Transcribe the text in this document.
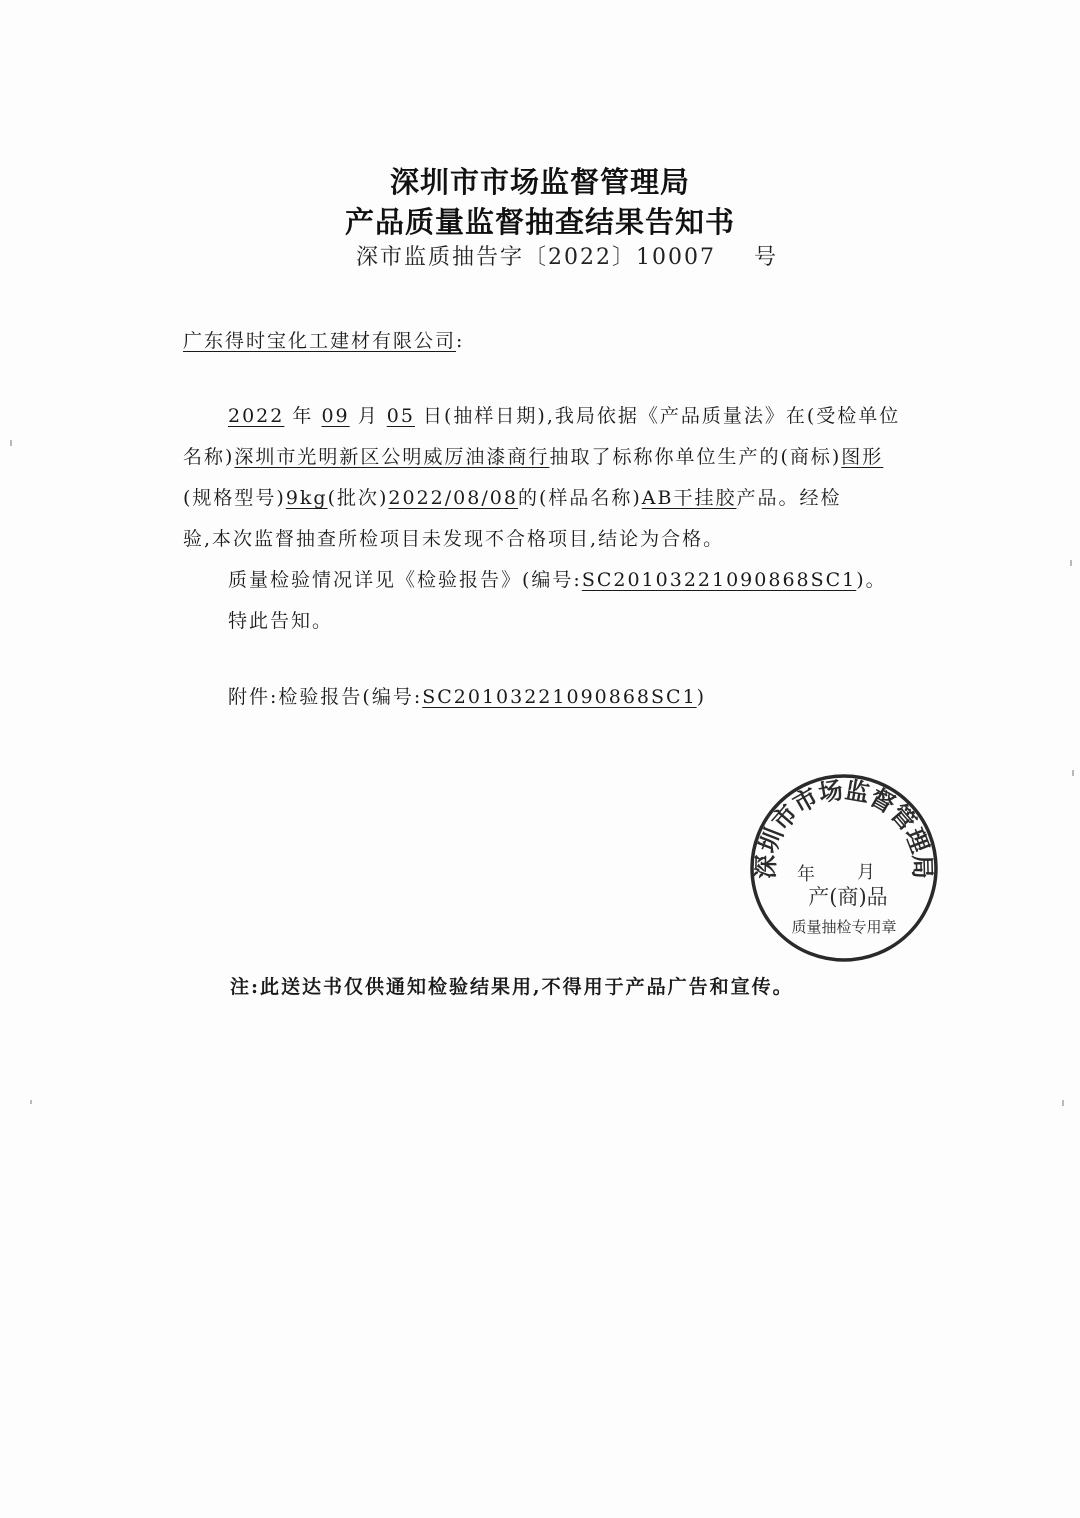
深圳市市场监督管理局
产品质量监督抽查结果告知书
深市监质抽告字〔2022〕10007 号
广东得时宝化工建材有限公司:
2022 年 09 月 05 日(抽样日期),我局依据《产品质量法》在(受检单位
名称)深圳市光明新区公明威厉油漆商行抽取了标称你单位生产的(商标)图形
(规格型号)9kg(批次)2022/08/08的(样品名称)AB干挂胶产品。经检
验,本次监督抽查所检项目未发现不合格项目,结论为合格。
质量检验情况详见《检验报告》(编号:SC20103221090868SC1)。
特此告知。
附件:检验报告(编号:SC20103221090868SC1)
深圳市市场监督管理局
年 月
产(商)品
质量抽检专用章
注:此送达书仅供通知检验结果用,不得用于产品广告和宣传。
